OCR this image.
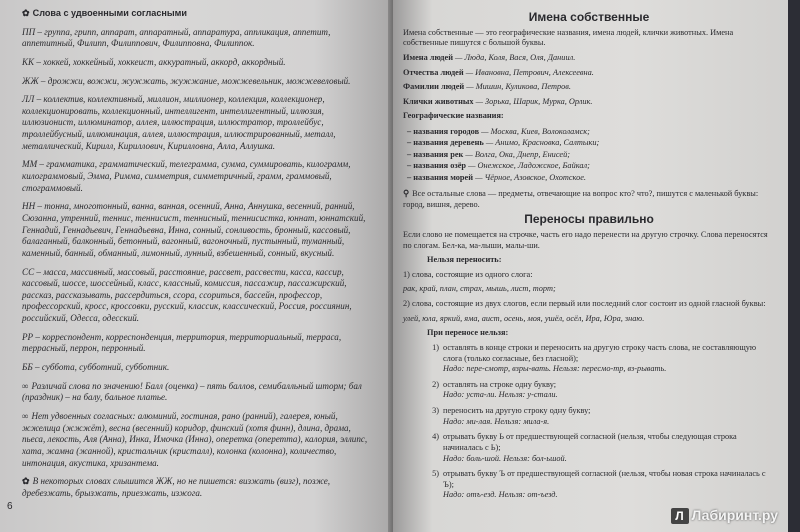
✿ Слова с удвоенными согласными

ПП – группа, грипп, аппарат, аппаратный, аппаратура, аппликация, аппетит, аппетитный, Филипп, Филиппович, Филипповна, Филиппок.

КК – хоккей, хоккейный, хоккеист, аккуратный, аккорд, аккордный.

ЖЖ – дрожжи, вожжи, жужжать, жужжание, можжевельник, можжевеловый.

ЛЛ – коллектив, коллективный, миллион, миллионер, коллекция, коллекционер, коллекционировать, коллекционный, интеллигент, интеллигентный, иллюзия, иллюзионист, иллюминатор, аллея, иллюстрация, иллюстратор, троллейбус, троллейбусный, иллюминация, аллея, иллюстрация, иллюстрированный, металл, металлический, Кирилл, Кириллович, Кирилловна, Алла, Аллушка.

ММ – грамматика, грамматический, телеграмма, сумма, суммировать, килограмм, килограммовый, Эмма, Римма, симметрия, симметричный, грамм, граммовый, стограммовый.

НН – тонна, многотонный, ванна, ванная, осенний, Анна, Аннушка, весенний, ранний, Сюзанна, утренний, теннис, теннисист, теннисный, теннисистка, юннат, юннатский, Геннадий, Геннадьевич, Геннадьевна, Инна, сонный, сонливость, бронный, кассовый, балаганный, балконный, бетонный, вагонный, вагоночный, пустынный, туманный, каменный, банный, обманный, лимонный, лунный, взбешенный, сонный, вкусный.

СС – масса, массивный, массовый, расстояние, рассвет, рассвести, касса, кассир, кассовый, шоссе, шоссейный, класс, классный, комиссия, пассажир, пассажирский, рассказ, рассказывать, рассердиться, ссора, ссориться, бассейн, профессор, профессорский, кросс, кроссовки, русский, классик, классический, Россия, россиянин, российский, Одесса, одесский.

РР – корреспондент, корреспонденция, территория, территориальный, терраса, террасный, перрон, перронный.

ББ – суббота, субботний, субботник.

∞ Различай слова по значению! Балл (оценка) – пять баллов, семибалльный шторм; бал (праздник) – на балу, бальное платье.

∞ Нет удвоенных согласных: алюминий, гостиная, рано (ранний), галерея, юный, жжелица (жжжёт), весна (весенний) коридор, финский (хотя финн), длина, драма, пьеса, лекость, Аля (Анна), Инка, Имочка (Инна), оперетка (оперетта), калория, эллипс, хата, жамна (жанной), кристальчик (кристалл), колонка (колонна), количество, интонация, акустика, хризантема.

✿ В некоторых словах слышится ЖЖ, но не пишется: визжать (визг), позже, дребезжать, брызжать, приезжать, изжога.

6
Имена собственные

Имена собственные — это географические названия, имена людей, клички животных. Имена собственные пишутся с большой буквы.

Имена людей — Люда, Коля, Вася, Оля, Даниил.

Отчества людей — Ивановна, Петрович, Алексеевна.

Фамилии людей — Мишин, Куликова, Петров.

Клички животных — Зорька, Шарик, Мурка, Орлик.

Географические названия:

– названия городов — Москва, Киев, Волоколамск;
– названия деревень — Анимо, Красновка, Салтыки;
– названия рек — Волга, Ока, Днепр, Енисей;
– названия озёр — Онежское, Ладожское, Байкал;
– названия морей — Чёрное, Азовское, Охотское.

⚲ Все остальные слова — предметы, отвечающие на вопрос кто? что?, пишутся с маленькой буквы: город, вишня, дерево.

Переносы правильно

Если слово не помещается на строчке, часть его надо перенести на другую строчку. Слова переносятся по слогам. Бел-ка, ма-лыши, малы-ши.

Нельзя переносить:

1) слова, состоящие из одного слога:

рак, край, план, страх, мышь, лист, торт;

2) слова, состоящие из двух слогов, если первый или последний слог состоит из одной гласной буквы:

улей, юла, яркий, яма, аист, осень, моя, ушёл, осёл, Ира, Юра, знаю.

При переносе нельзя:

1) оставлять в конце строки и переносить на другую строку часть слова, не составляющую слога (только согласные, без гласной);
Надо: пере-смотр, взры-вать. Нельзя: пересмо-тр, вз-рывать.
2) оставлять на строке одну букву;
Надо: уста-ли. Нельзя: у-стали.
3) переносить на другую строку одну букву;
Надо: ми-лая. Нельзя: мила-я.
4) отрывать букву Ь от предшествующей согласной (нельзя, чтобы следующая строка начиналась с Ь);
Надо: боль-шой. Нельзя: бол-ьшой.
5) отрывать букву Ъ от предшествующей согласной (нельзя, чтобы новая строка начиналась с Ъ);
Надо: отъ-езд. Нельзя: от-ъезд.
Л Лабиринт.ру
